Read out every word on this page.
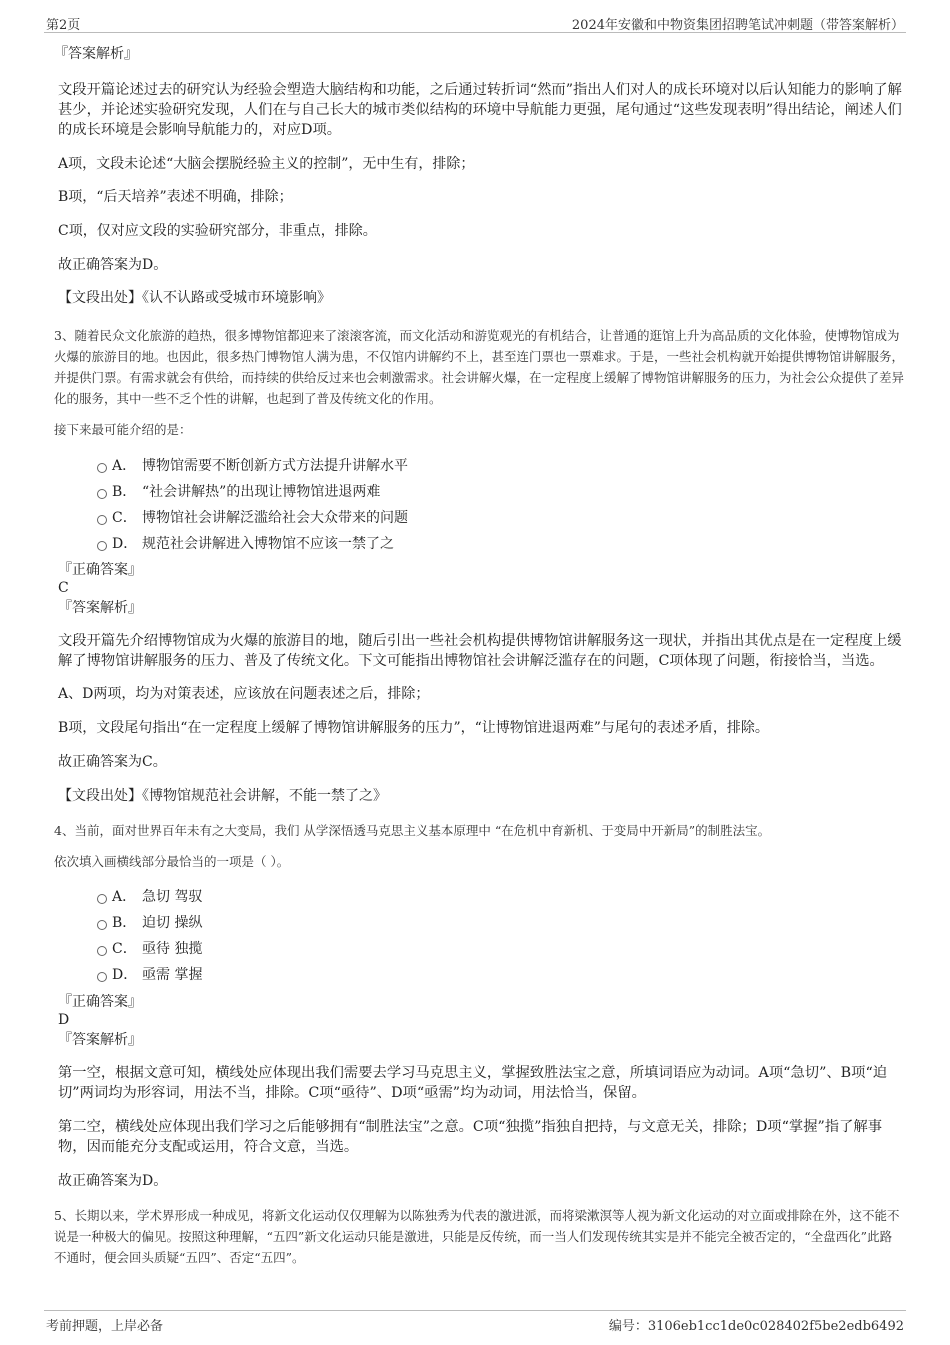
第2页	2024年安徽和中物资集团招聘笔试冲刺题（带答案解析）

『答案解析』

文段开篇论述过去的研究认为经验会塑造大脑结构和功能，之后通过转折词“然而”指出人们对人的成长环境对以后认知能力的影响了解甚少，并论述实验研究发现，人们在与自己长大的城市类似结构的环境中导航能力更强，尾句通过“这些发现表明”得出结论，阐述人们的成长环境是会影响导航能力的，对应D项。

A项，文段未论述“大脑会摆脱经验主义的控制”，无中生有，排除；

B项，“后天培养”表述不明确，排除；

C项，仅对应文段的实验研究部分，非重点，排除。

故正确答案为D。

【文段出处】《认不认路或受城市环境影响》

3、随着民众文化旅游的趋热，很多博物馆都迎来了滚滚客流，而文化活动和游览观光的有机结合，让普通的逛馆上升为高品质的文化体验，使博物馆成为火爆的旅游目的地。也因此，很多热门博物馆人满为患，不仅馆内讲解约不上，甚至连门票也一票难求。于是，一些社会机构就开始提供博物馆讲解服务，并提供门票。有需求就会有供给，而持续的供给反过来也会刺激需求。社会讲解火爆，在一定程度上缓解了博物馆讲解服务的压力，为社会公众提供了差异化的服务，其中一些不乏个性的讲解，也起到了普及传统文化的作用。

接下来最可能介绍的是：

A． 博物馆需要不断创新方式方法提升讲解水平
B． “社会讲解热”的出现让博物馆进退两难
C． 博物馆社会讲解泛滥给社会大众带来的问题
D． 规范社会讲解进入博物馆不应该一禁了之

『正确答案』

C

『答案解析』

文段开篇先介绍博物馆成为火爆的旅游目的地，随后引出一些社会机构提供博物馆讲解服务这一现状，并指出其优点是在一定程度上缓解了博物馆讲解服务的压力、普及了传统文化。下文可能指出博物馆社会讲解泛滥存在的问题，C项体现了问题，衔接恰当，当选。

A、D两项，均为对策表述，应该放在问题表述之后，排除；

B项，文段尾句指出“在一定程度上缓解了博物馆讲解服务的压力”，“让博物馆进退两难”与尾句的表述矛盾，排除。

故正确答案为C。

【文段出处】《博物馆规范社会讲解，不能一禁了之》

4、当前，面对世界百年未有之大变局，我们 从学深悟透马克思主义基本原理中 “在危机中育新机、于变局中开新局”的制胜法宝。

依次填入画横线部分最恰当的一项是（ ）。

A． 急切 驾驭
B． 迫切 操纵
C． 亟待 独揽
D． 亟需 掌握

『正确答案』

D

『答案解析』

第一空，根据文意可知，横线处应体现出我们需要去学习马克思主义，掌握致胜法宝之意，所填词语应为动词。A项“急切”、B项“迫切”两词均为形容词，用法不当，排除。C项“亟待”、D项“亟需”均为动词，用法恰当，保留。

第二空，横线处应体现出我们学习之后能够拥有“制胜法宝”之意。C项“独揽”指独自把持，与文意无关，排除；D项“掌握”指了解事物，因而能充分支配或运用，符合文意，当选。

故正确答案为D。

5、长期以来，学术界形成一种成见，将新文化运动仅仅理解为以陈独秀为代表的激进派，而将梁漱溟等人视为新文化运动的对立面或排除在外，这不能不说是一种极大的偏见。按照这种理解，“五四”新文化运动只能是激进，只能是反传统，而一当人们发现传统其实是并不能完全被否定的，“全盘西化”此路不通时，便会回头质疑“五四”、否定“五四”。

考前押题，上岸必备	编号：3106eb1cc1de0c028402f5be2edb6492
